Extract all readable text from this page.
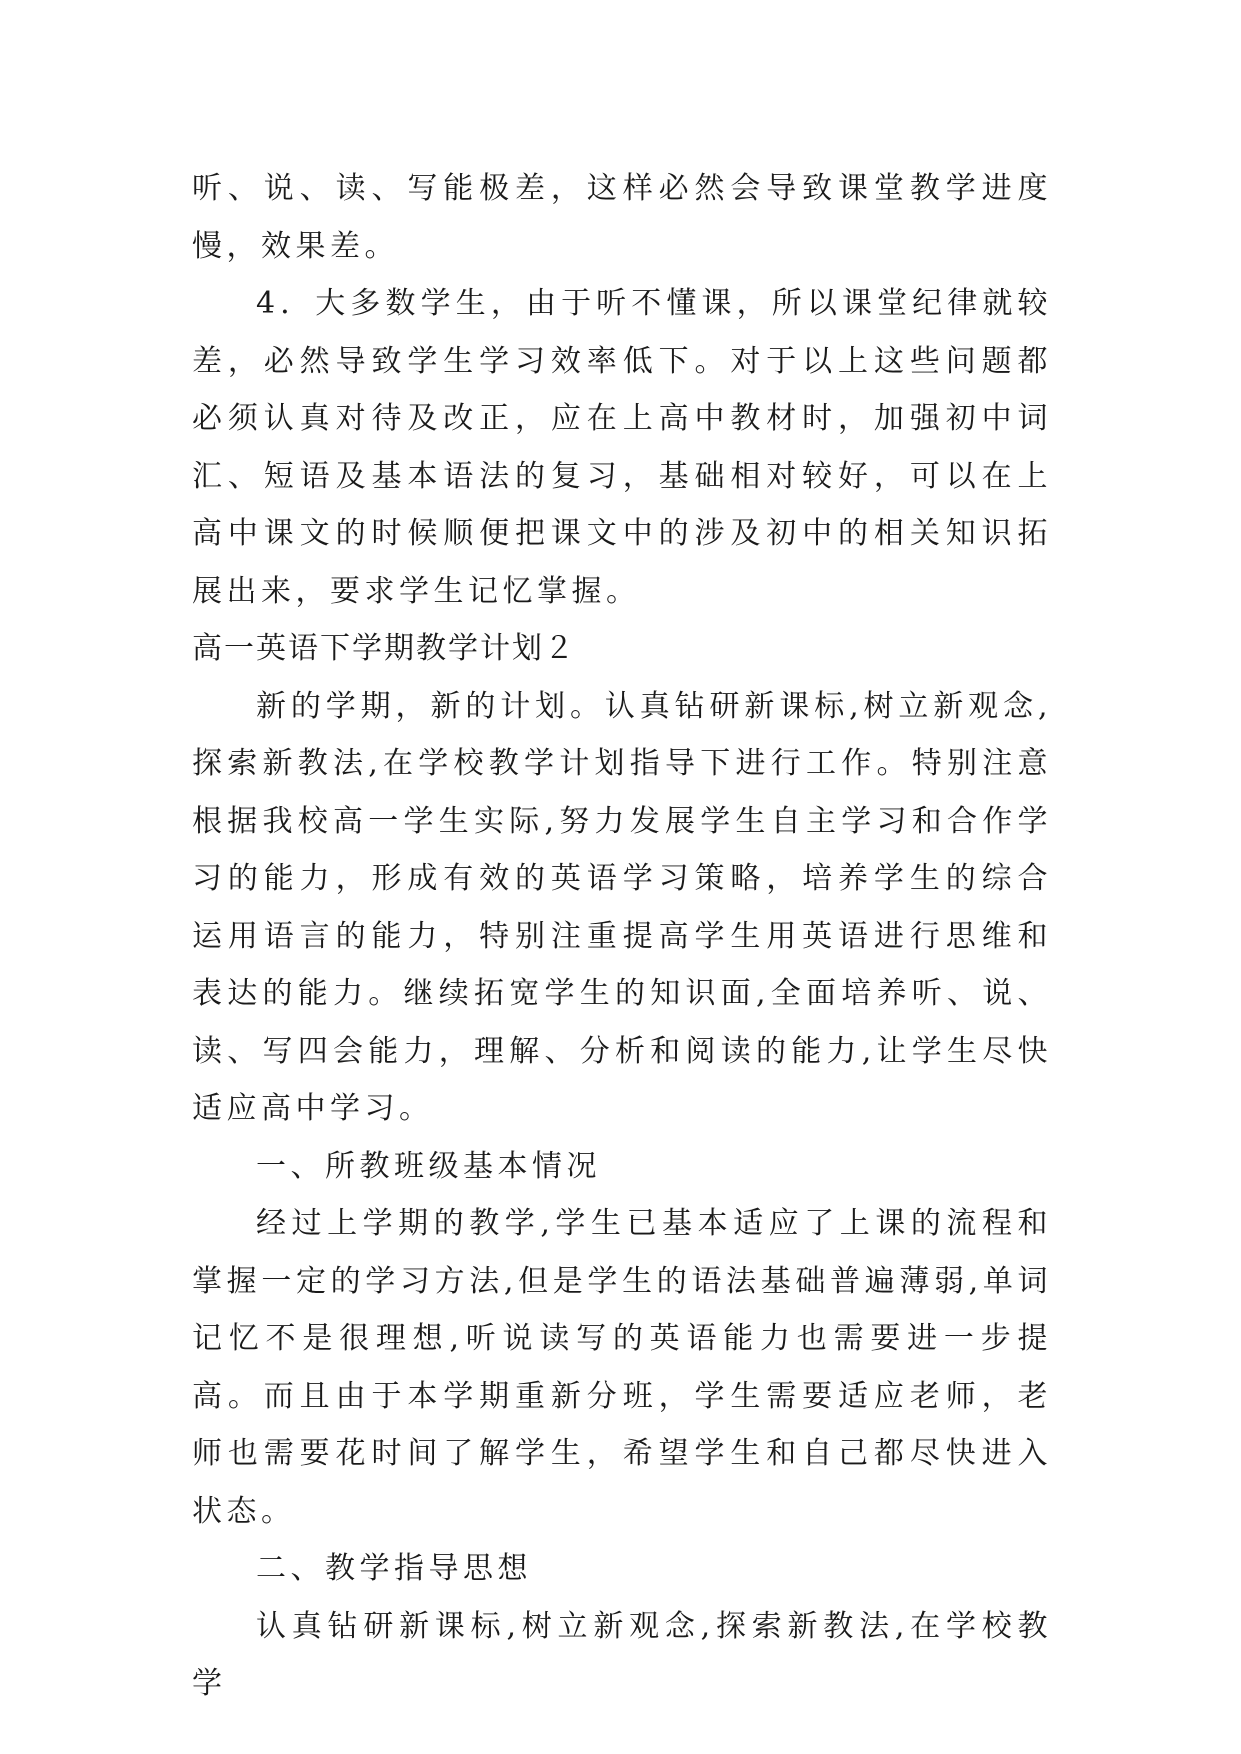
听、说、读、写能极差，这样必然会导致课堂教学进度慢，效果差。

4．大多数学生，由于听不懂课，所以课堂纪律就较差，必然导致学生学习效率低下。对于以上这些问题都必须认真对待及改正，应在上高中教材时，加强初中词汇、短语及基本语法的复习，基础相对较好，可以在上高中课文的时候顺便把课文中的涉及初中的相关知识拓展出来，要求学生记忆掌握。

高一英语下学期教学计划２

新的学期，新的计划。认真钻研新课标,树立新观念,探索新教法,在学校教学计划指导下进行工作。特别注意根据我校高一学生实际,努力发展学生自主学习和合作学习的能力，形成有效的英语学习策略，培养学生的综合运用语言的能力，特别注重提高学生用英语进行思维和表达的能力。继续拓宽学生的知识面,全面培养听、说、读、写四会能力，理解、分析和阅读的能力,让学生尽快适应高中学习。

一、所教班级基本情况

经过上学期的教学,学生已基本适应了上课的流程和掌握一定的学习方法,但是学生的语法基础普遍薄弱,单词记忆不是很理想,听说读写的英语能力也需要进一步提高。而且由于本学期重新分班，学生需要适应老师，老师也需要花时间了解学生，希望学生和自己都尽快进入状态。

二、教学指导思想

认真钻研新课标,树立新观念,探索新教法,在学校教学
